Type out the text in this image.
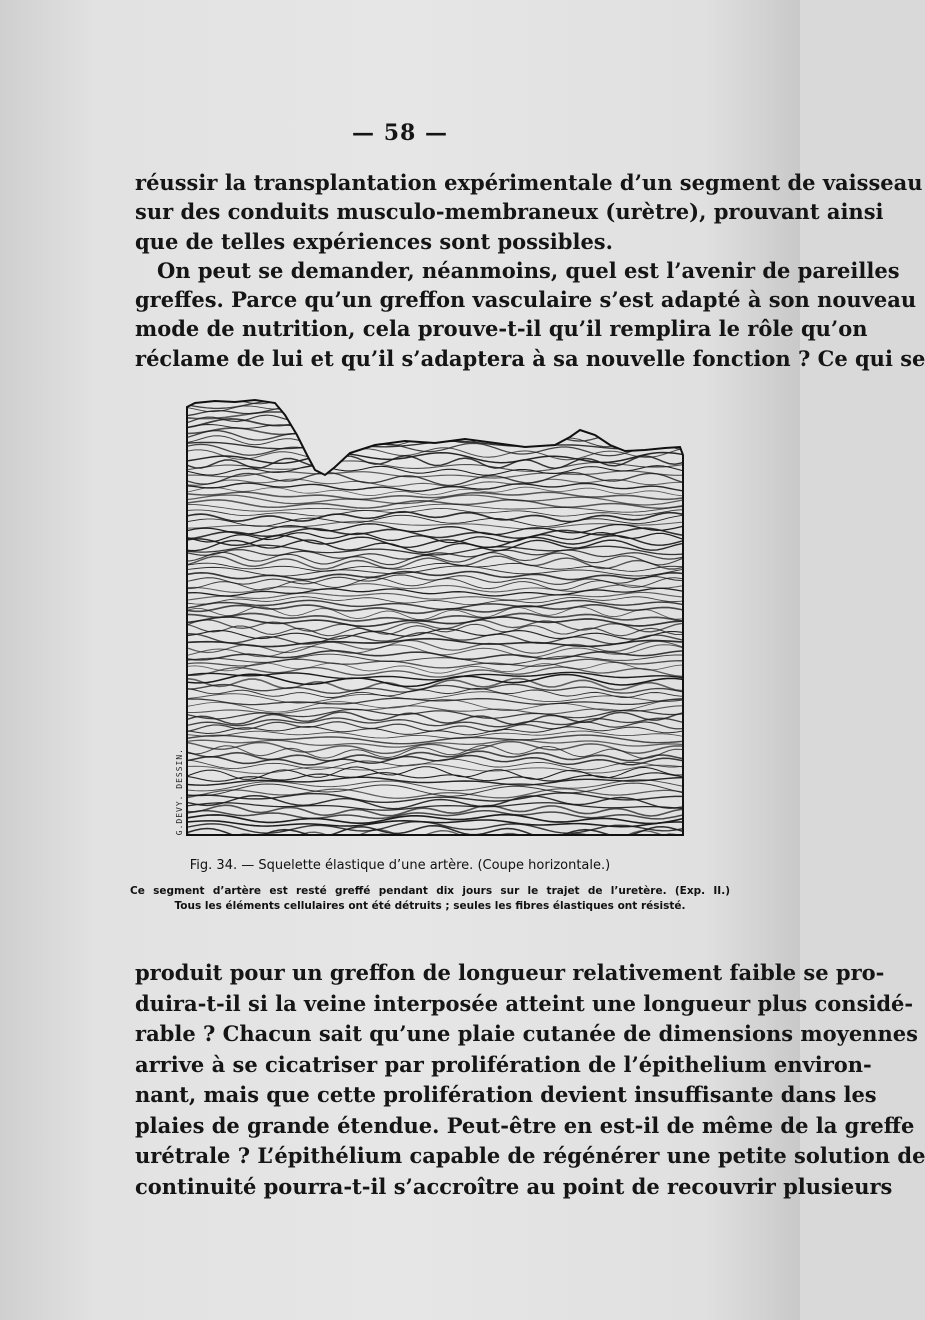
— 58 —
réussir la transplantation expérimentale d’un segment de vaisseau
sur des conduits musculo-membraneux (urètre), prouvant ainsi
que de telles expériences sont possibles.
On peut se demander, néanmoins, quel est l’avenir de pareilles
greffes. Parce qu’un greffon vasculaire s’est adapté à son nouveau
mode de nutrition, cela prouve-t-il qu’il remplira le rôle qu’on
réclame de lui et qu’il s’adaptera à sa nouvelle fonction ? Ce qui se
G.DEVY. DESSIN.
Fig. 34. — Squelette élastique d’une artère. (Coupe horizontale.)
Ce segment d’artère est resté greffé pendant dix jours sur le trajet de l’uretère. (Exp. II.)
Tous les éléments cellulaires ont été détruits ; seules les fibres élastiques ont résisté.
produit pour un greffon de longueur relativement faible se pro-
duira-t-il si la veine interposée atteint une longueur plus considé-
rable ? Chacun sait qu’une plaie cutanée de dimensions moyennes
arrive à se cicatriser par prolifération de l’épithelium environ-
nant, mais que cette prolifération devient insuffisante dans les
plaies de grande étendue. Peut-être en est-il de même de la greffe
urétrale ? L’épithélium capable de régénérer une petite solution de
continuité pourra-t-il s’accroître au point de recouvrir plusieurs
